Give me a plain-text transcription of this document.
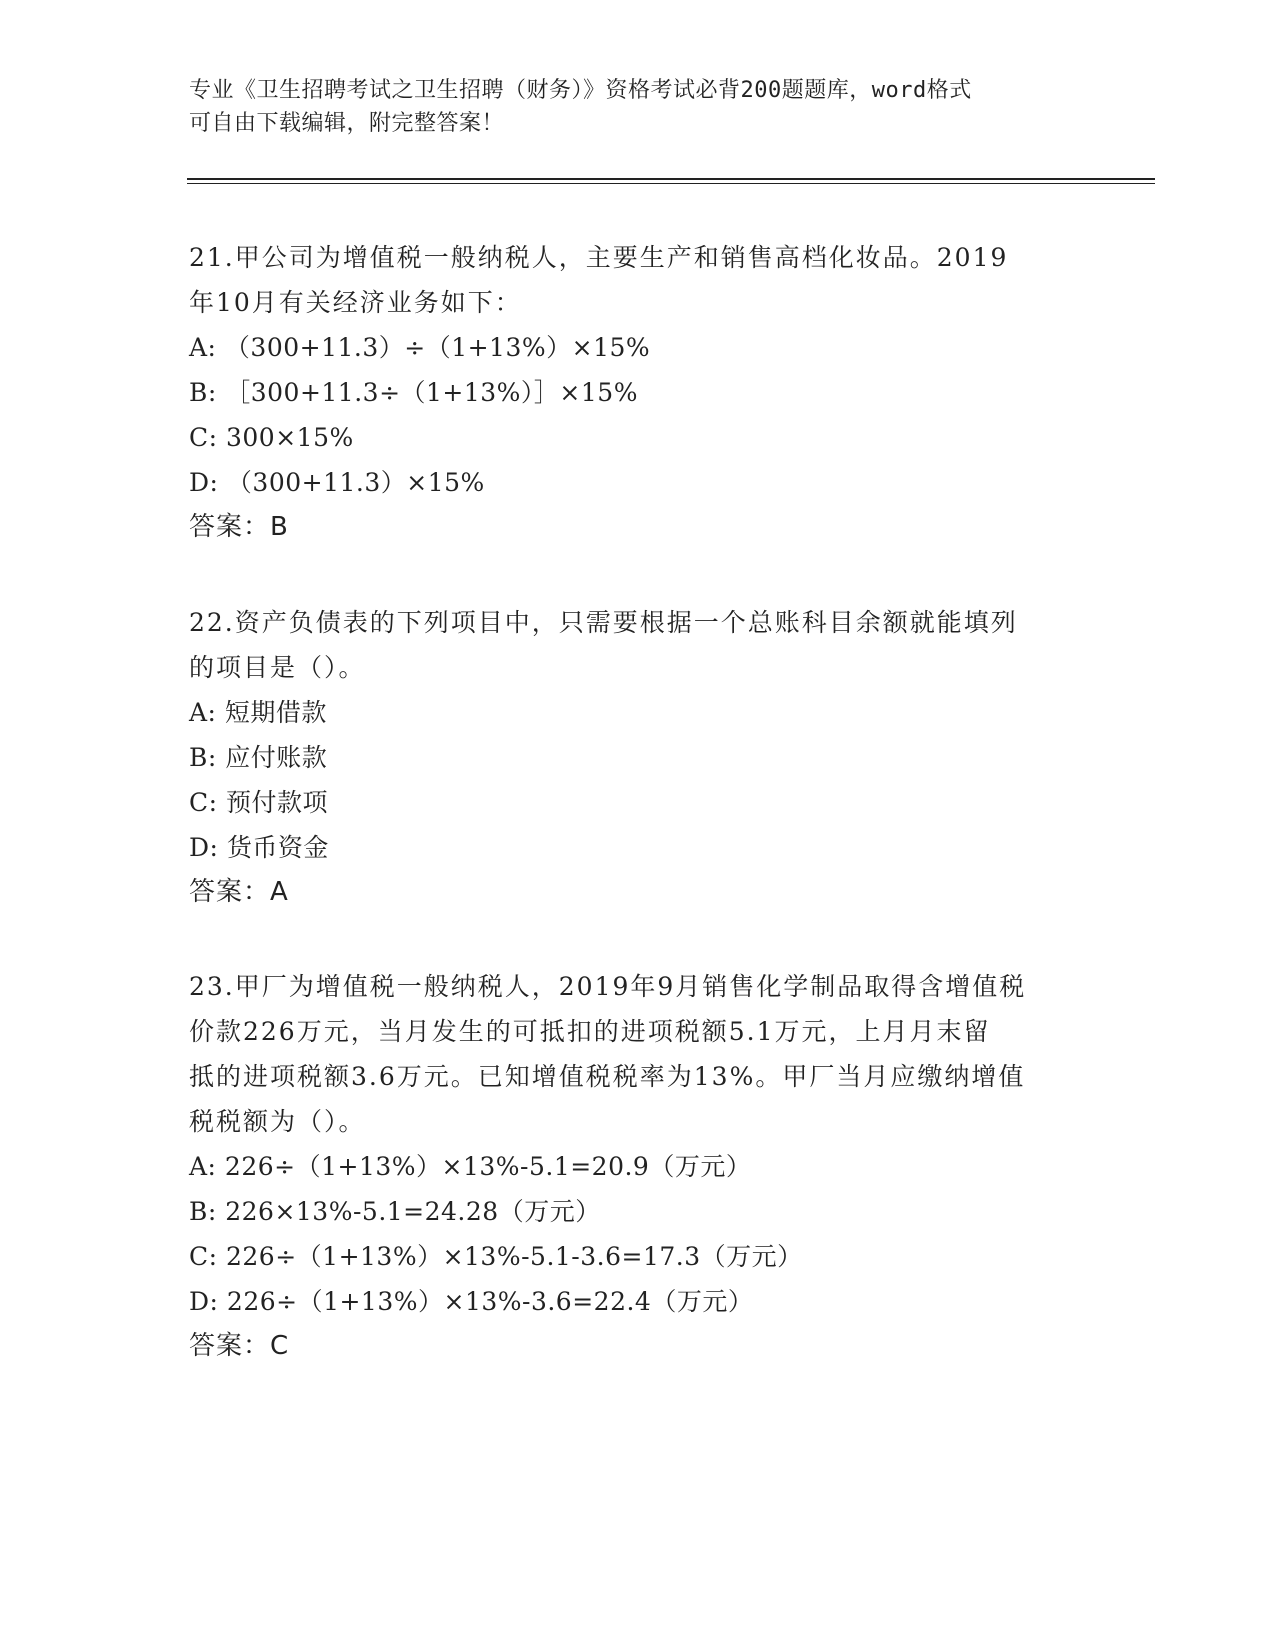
专业《卫生招聘考试之卫生招聘（财务）》资格考试必背200题题库，word格式
可自由下载编辑，附完整答案！
21.甲公司为增值税一般纳税人，主要生产和销售高档化妆品。2019
年10月有关经济业务如下：
A: （300+11.3）÷（1+13%）×15%
B: ［300+11.3÷（1+13%）］×15%
C: 300×15%
D: （300+11.3）×15%
答案：B
22.资产负债表的下列项目中，只需要根据一个总账科目余额就能填列
的项目是（）。
A: 短期借款
B: 应付账款
C: 预付款项
D: 货币资金
答案：A
23.甲厂为增值税一般纳税人，2019年9月销售化学制品取得含增值税
价款226万元，当月发生的可抵扣的进项税额5.1万元，上月月末留
抵的进项税额3.6万元。已知增值税税率为13%。甲厂当月应缴纳增值
税税额为（）。
A: 226÷（1+13%）×13%-5.1=20.9（万元）
B: 226×13%-5.1=24.28（万元）
C: 226÷（1+13%）×13%-5.1-3.6=17.3（万元）
D: 226÷（1+13%）×13%-3.6=22.4（万元）
答案：C
